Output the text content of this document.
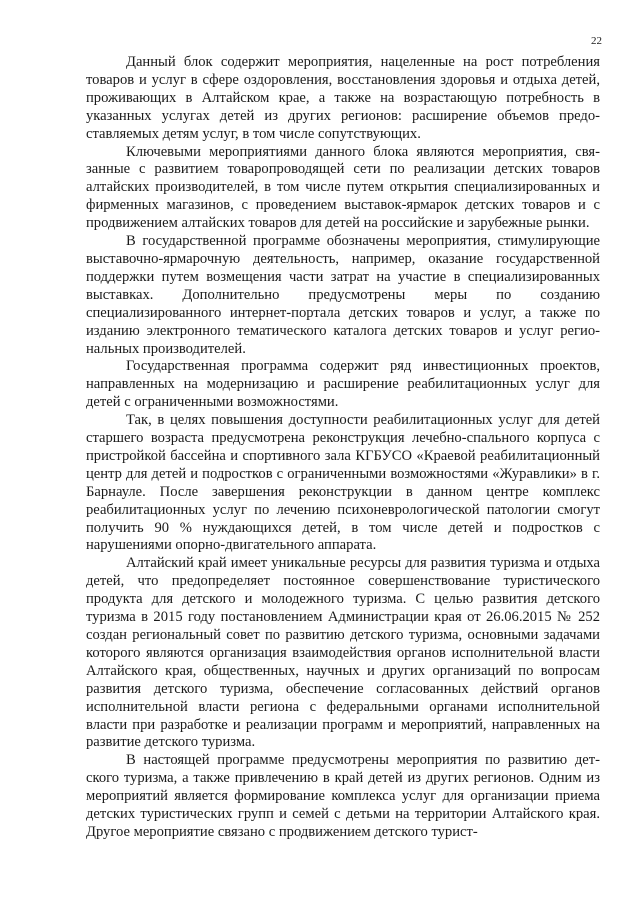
22

Данный блок содержит мероприятия, нацеленные на рост потребления товаров и услуг в сфере оздоровления, восстановления здоровья и отдыха детей, проживающих в Алтайском крае, а также на возрастающую потребность в указанных услугах детей из других регионов: расширение объемов предоставляемых детям услуг, в том числе сопутствующих.

Ключевыми мероприятиями данного блока являются мероприятия, связанные с развитием товаропроводящей сети по реализации детских товаров алтайских производителей, в том числе путем открытия специализированных и фирменных магазинов, с проведением выставок-ярмарок детских товаров и с продвижением алтайских товаров для детей на российские и зарубежные рынки.

В государственной программе обозначены мероприятия, стимулирующие выставочно-ярмарочную деятельность, например, оказание государственной поддержки путем возмещения части затрат на участие в специализированных выставках. Дополнительно предусмотрены меры по созданию специализированного интернет-портала детских товаров и услуг, а также по изданию электронного тематического каталога детских товаров и услуг региональных производителей.

Государственная программа содержит ряд инвестиционных проектов, направленных на модернизацию и расширение реабилитационных услуг для детей с ограниченными возможностями.

Так, в целях повышения доступности реабилитационных услуг для детей старшего возраста предусмотрена реконструкция лечебно-спального корпуса с пристройкой бассейна и спортивного зала КГБУСО «Краевой реабилитационный центр для детей и подростков с ограниченными возможностями «Журавлики» в г. Барнауле. После завершения реконструкции в данном центре комплекс реабилитационных услуг по лечению психоневрологической патологии смогут получить 90 % нуждающихся детей, в том числе детей и подростков с нарушениями опорно-двигательного аппарата.

Алтайский край имеет уникальные ресурсы для развития туризма и отдыха детей, что предопределяет постоянное совершенствование туристического продукта для детского и молодежного туризма. С целью развития детского туризма в 2015 году постановлением Администрации края от 26.06.2015 № 252 создан региональный совет по развитию детского туризма, основными задачами которого являются организация взаимодействия органов исполнительной власти Алтайского края, общественных, научных и других организаций по вопросам развития детского туризма, обеспечение согласованных действий органов исполнительной власти региона с федеральными органами исполнительной власти при разработке и реализации программ и мероприятий, направленных на развитие детского туризма.

В настоящей программе предусмотрены мероприятия по развитию детского туризма, а также привлечению в край детей из других регионов. Одним из мероприятий является формирование комплекса услуг для организации приема детских туристических групп и семей с детьми на территории Алтайского края. Другое мероприятие связано с продвижением детского турист-
